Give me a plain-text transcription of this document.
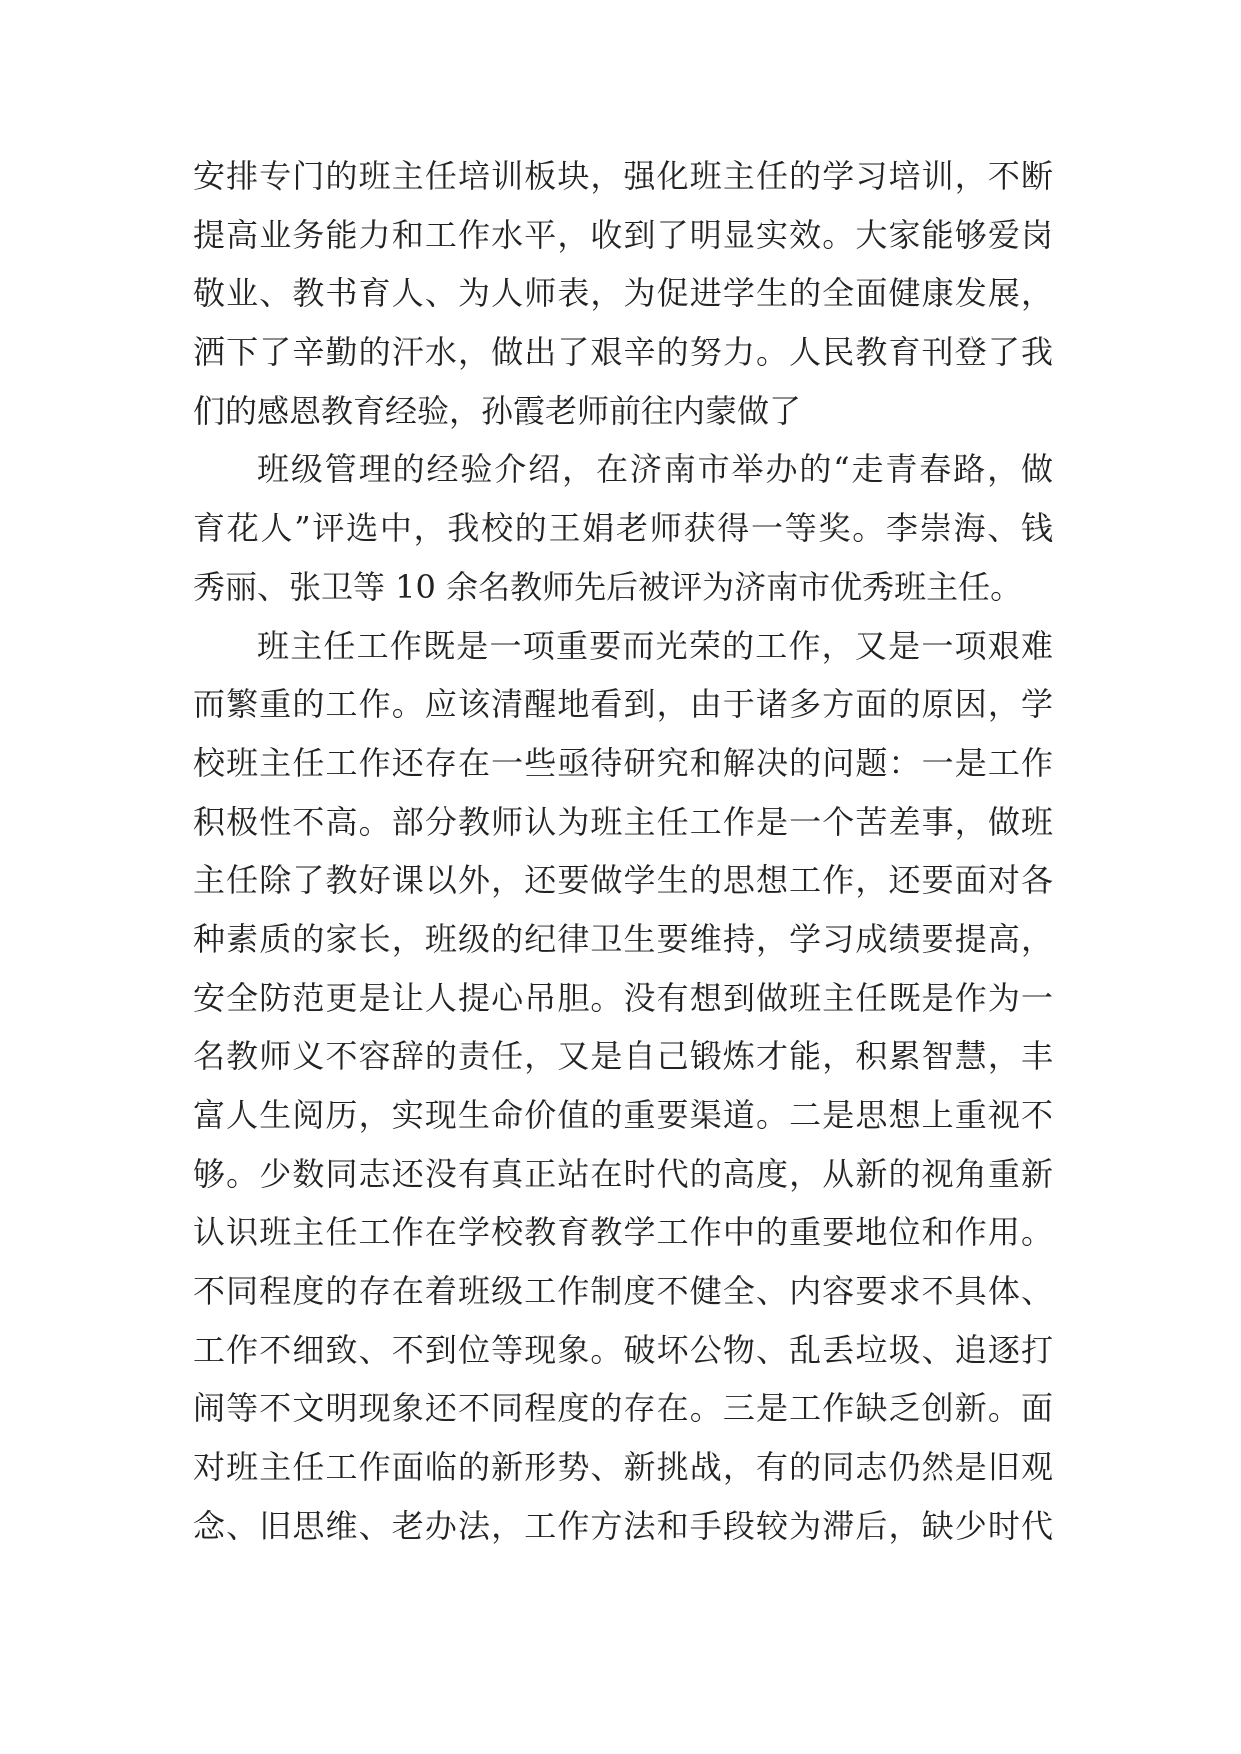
安排专门的班主任培训板块，强化班主任的学习培训，不断
提高业务能力和工作水平，收到了明显实效。大家能够爱岗
敬业、教书育人、为人师表，为促进学生的全面健康发展，
洒下了辛勤的汗水，做出了艰辛的努力。人民教育刊登了我
们的感恩教育经验，孙霞老师前往内蒙做了
班级管理的经验介绍，在济南市举办的“走青春路，做
育花人”评选中，我校的王娟老师获得一等奖。李崇海、钱
秀丽、张卫等 10 余名教师先后被评为济南市优秀班主任。
班主任工作既是一项重要而光荣的工作，又是一项艰难
而繁重的工作。应该清醒地看到，由于诸多方面的原因，学
校班主任工作还存在一些亟待研究和解决的问题：一是工作
积极性不高。部分教师认为班主任工作是一个苦差事，做班
主任除了教好课以外，还要做学生的思想工作，还要面对各
种素质的家长，班级的纪律卫生要维持，学习成绩要提高，
安全防范更是让人提心吊胆。没有想到做班主任既是作为一
名教师义不容辞的责任，又是自己锻炼才能，积累智慧，丰
富人生阅历，实现生命价值的重要渠道。二是思想上重视不
够。少数同志还没有真正站在时代的高度，从新的视角重新
认识班主任工作在学校教育教学工作中的重要地位和作用。
不同程度的存在着班级工作制度不健全、内容要求不具体、
工作不细致、不到位等现象。破坏公物、乱丢垃圾、追逐打
闹等不文明现象还不同程度的存在。三是工作缺乏创新。面
对班主任工作面临的新形势、新挑战，有的同志仍然是旧观
念、旧思维、老办法，工作方法和手段较为滞后，缺少时代
